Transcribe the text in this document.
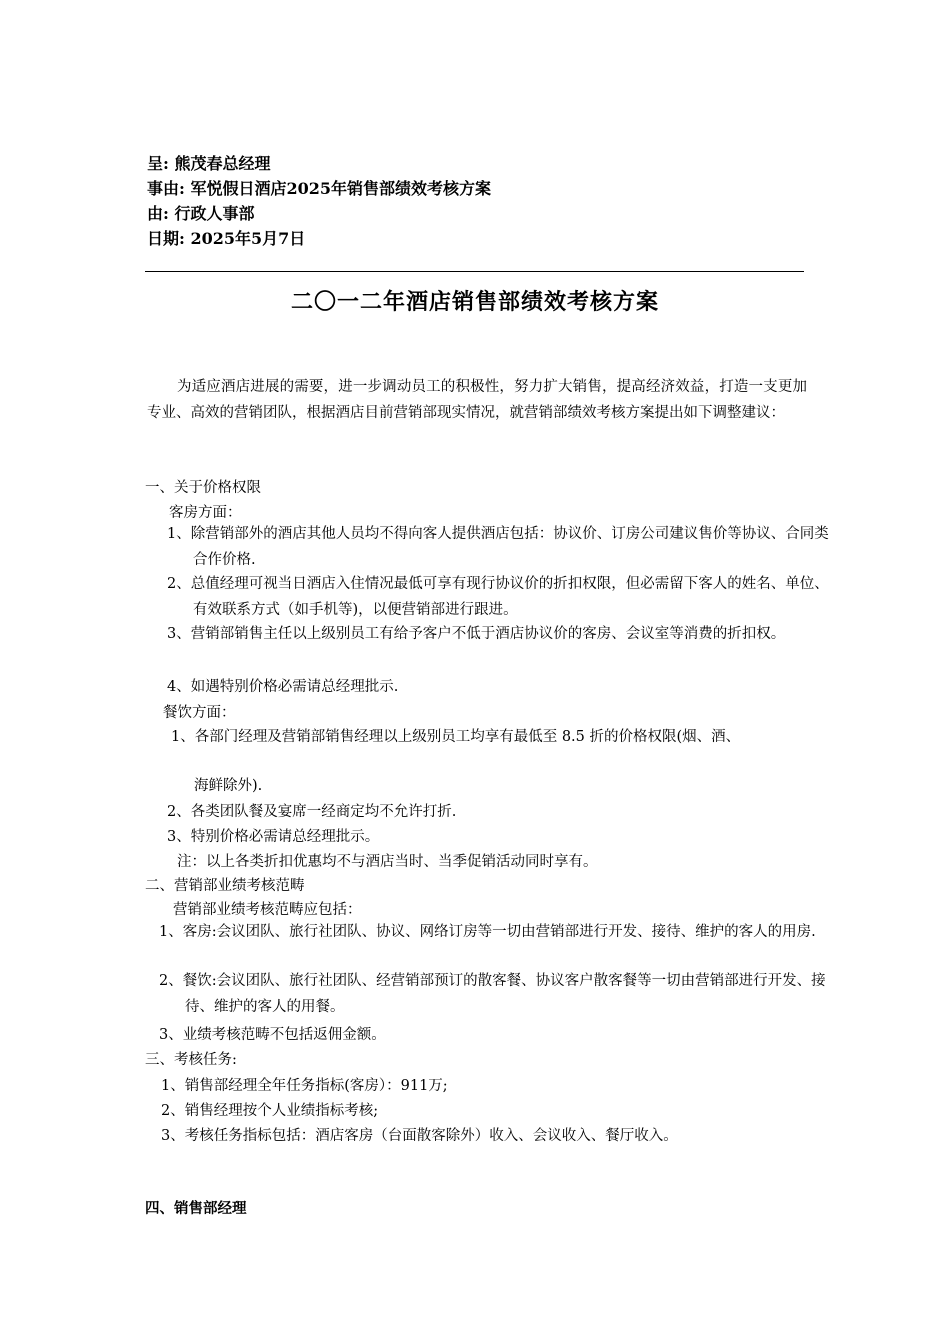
呈: 熊茂春总经理
事由: 军悦假日酒店2025年销售部绩效考核方案
由: 行政人事部
日期: 2025年5月7日
二〇一二年酒店销售部绩效考核方案
为适应酒店进展的需要，进一步调动员工的积极性，努力扩大销售，提高经济效益，打造一支更加专业、高效的营销团队，根据酒店目前营销部现实情况，就营销部绩效考核方案提出如下调整建议：
一、关于价格权限
客房方面：
1、除营销部外的酒店其他人员均不得向客人提供酒店包括：协议价、订房公司建议售价等协议、合同类合作价格.
2、总值经理可视当日酒店入住情况最低可享有现行协议价的折扣权限，但必需留下客人的姓名、单位、有效联系方式（如手机等)，以便营销部进行跟进。
3、营销部销售主任以上级别员工有给予客户不低于酒店协议价的客房、会议室等消费的折扣权。
4、如遇特别价格必需请总经理批示.
餐饮方面：
1、各部门经理及营销部销售经理以上级别员工均享有最低至 8.5 折的价格权限(烟、酒、
海鲜除外).
2、各类团队餐及宴席一经商定均不允许打折.
3、特别价格必需请总经理批示。
注：以上各类折扣优惠均不与酒店当时、当季促销活动同时享有。
二、营销部业绩考核范畴
营销部业绩考核范畴应包括：
1、客房:会议团队、旅行社团队、协议、网络订房等一切由营销部进行开发、接待、维护的客人的用房.
2、餐饮:会议团队、旅行社团队、经营销部预订的散客餐、协议客户散客餐等一切由营销部进行开发、接待、维护的客人的用餐。
3、业绩考核范畴不包括返佣金额。
三、考核任务:
1、销售部经理全年任务指标(客房）：911万;
2、销售经理按个人业绩指标考核;
3、考核任务指标包括：酒店客房（台面散客除外）收入、会议收入、餐厅收入。
四、销售部经理
